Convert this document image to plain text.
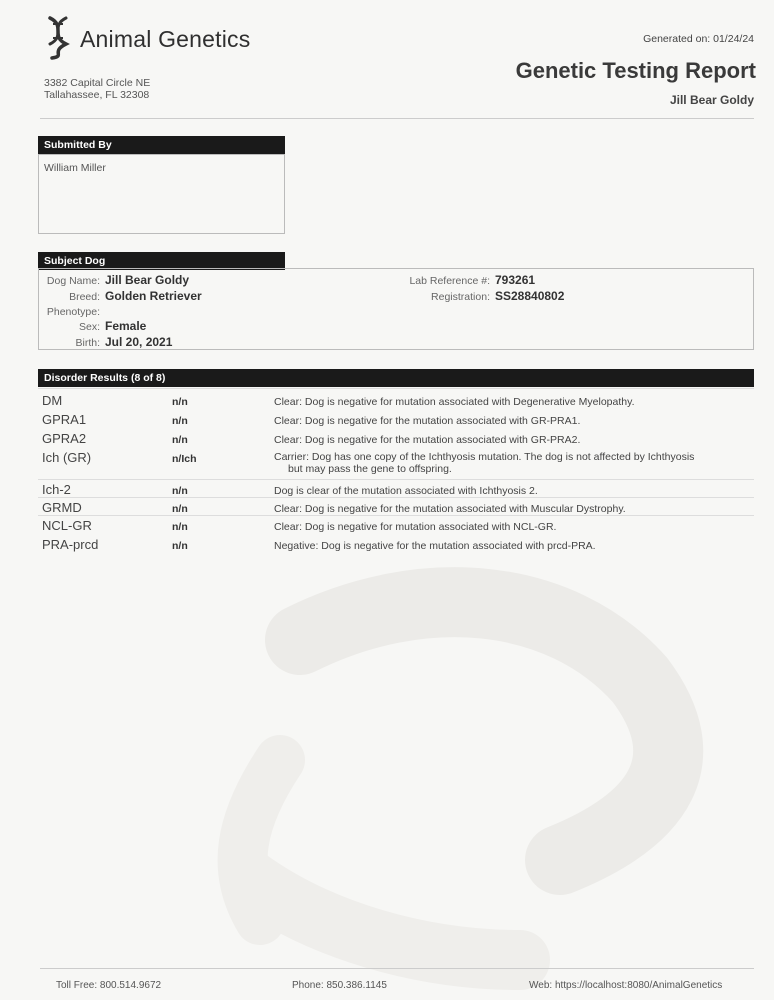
Animal Genetics
3382 Capital Circle NE
Tallahassee, FL 32308
Generated on: 01/24/24
Genetic Testing Report
Jill Bear Goldy
Submitted By
William Miller
Subject Dog
Dog Name: Jill Bear Goldy
Breed: Golden Retriever
Phenotype:
Sex: Female
Birth: Jul 20, 2021
Lab Reference #: 793261
Registration: SS28840802
Disorder Results (8 of 8)
DM	n/n	Clear: Dog is negative for mutation associated with Degenerative Myelopathy.
GPRA1	n/n	Clear: Dog is negative for the mutation associated with GR-PRA1.
GPRA2	n/n	Clear: Dog is negative for the mutation associated with GR-PRA2.
Ich (GR)	n/Ich	Carrier: Dog has one copy of the Ichthyosis mutation. The dog is not affected by Ichthyosis
but may pass the gene to offspring.
Ich-2	n/n	Dog is clear of the mutation associated with Ichthyosis 2.
GRMD	n/n	Clear: Dog is negative for the mutation associated with Muscular Dystrophy.
NCL-GR	n/n	Clear: Dog is negative for mutation associated with NCL-GR.
PRA-prcd	n/n	Negative: Dog is negative for the mutation associated with prcd-PRA.
Toll Free: 800.514.9672	Phone: 850.386.1145	Web: https://localhost:8080/AnimalGenetics
